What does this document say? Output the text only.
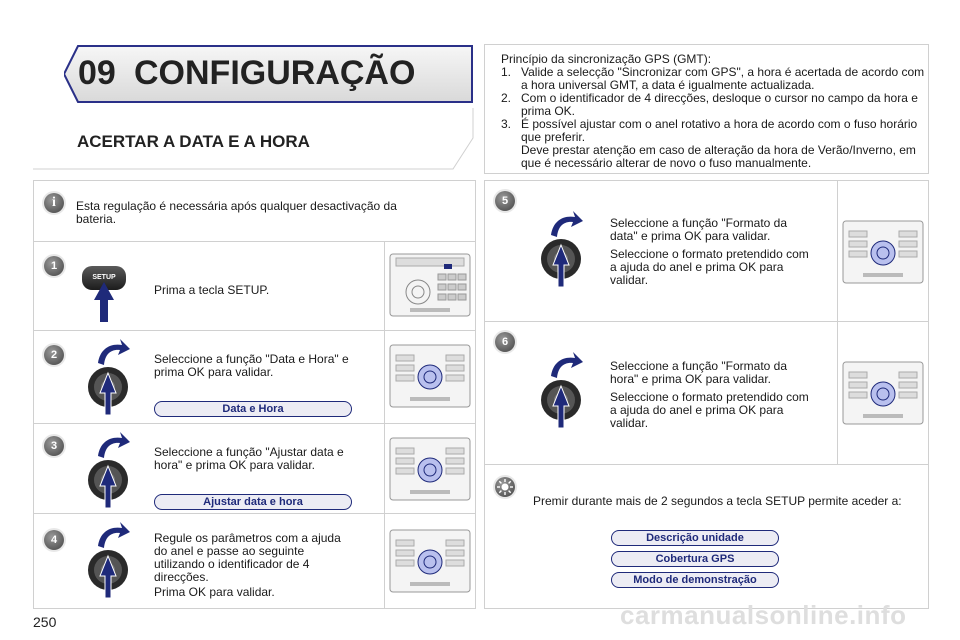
09 CONFIGURAÇÃO
ACERTAR A DATA E A HORA
i	Esta regulação é necessária após qualquer desactivação da bateria.

1
SETUP

Prima a tecla SETUP.

2	Seleccione a função "Data e Hora" e prima OK para validar.

Data e Hora
3	Seleccione a função "Ajustar data e hora" e prima OK para validar.

Ajustar data e hora
4	Regule os parâmetros com a ajuda do anel e passe ao seguinte utilizando o identificador de 4 direcções.

Prima OK para validar.

Princípio da sincronização GPS (GMT):

1. Valide a selecção "Sincronizar com GPS", a hora é acertada de acordo com a hora universal GMT, a data é igualmente actualizada.
2. Com o identificador de 4 direcções, desloque o cursor no campo da hora e prima OK.
3. É possível ajustar com o anel rotativo a hora de acordo com o fuso horário que preferir.
Deve prestar atenção em caso de alteração da hora de Verão/Inverno, em que é necessário alterar de novo o fuso manualmente.
5

Seleccione a função "Formato da data" e prima OK para validar.

Seleccione o formato pretendido com a ajuda do anel e prima OK para validar.

6

Seleccione a função "Formato da hora" e prima OK para validar.

Seleccione o formato pretendido com a ajuda do anel e prima OK para validar.

Premir durante mais de 2 segundos a tecla SETUP permite aceder a:

Descrição unidade
Cobertura GPS
Modo de demonstração
250	carmanualsonline.info
